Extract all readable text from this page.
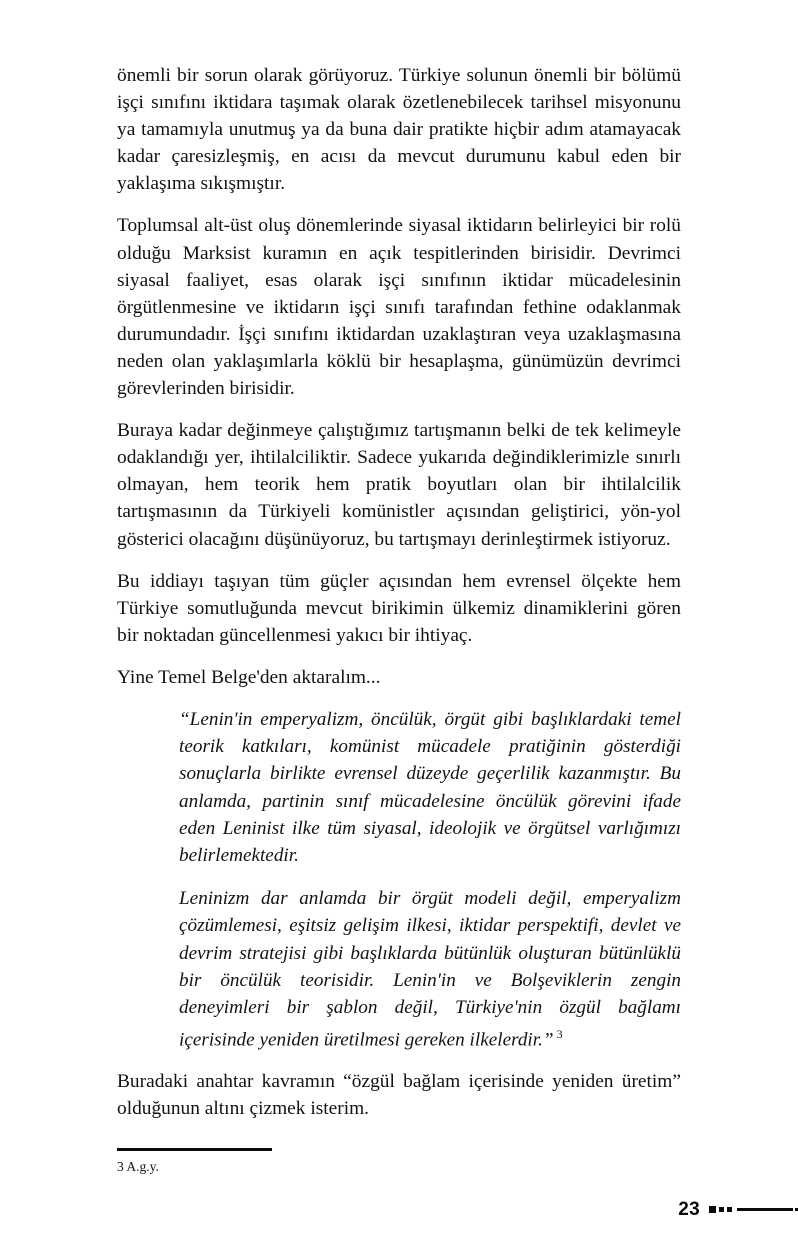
önemli bir sorun olarak görüyoruz. Türkiye solunun önemli bir bölümü işçi sınıfını iktidara taşımak olarak özetlenebilecek tarihsel misyonunu ya tamamıyla unutmuş ya da buna dair pratikte hiçbir adım atamayacak kadar çaresizleşmiş, en acısı da mevcut durumunu kabul eden bir yaklaşıma sıkışmıştır.

Toplumsal alt-üst oluş dönemlerinde siyasal iktidarın belirleyici bir rolü olduğu Marksist kuramın en açık tespitlerinden birisidir. Devrimci siyasal faaliyet, esas olarak işçi sınıfının iktidar mücadelesinin örgütlenmesine ve iktidarın işçi sınıfı tarafından fethine odaklanmak durumundadır. İşçi sınıfını iktidardan uzaklaştıran veya uzaklaşmasına neden olan yaklaşımlarla köklü bir hesaplaşma, günümüzün devrimci görevlerinden birisidir.

Buraya kadar değinmeye çalıştığımız tartışmanın belki de tek kelimeyle odaklandığı yer, ihtilalciliktir. Sadece yukarıda değindiklerimizle sınırlı olmayan, hem teorik hem pratik boyutları olan bir ihtilalcilik tartışmasının da Türkiyeli komünistler açısından geliştirici, yön-yol gösterici olacağını düşünüyoruz, bu tartışmayı derinleştirmek istiyoruz.

Bu iddiayı taşıyan tüm güçler açısından hem evrensel ölçekte hem Türkiye somutluğunda mevcut birikimin ülkemiz dinamiklerini gören bir noktadan güncellenmesi yakıcı bir ihtiyaç.

Yine Temel Belge'den aktaralım...

“Lenin'in emperyalizm, öncülük, örgüt gibi başlıklardaki temel teorik katkıları, komünist mücadele pratiğinin gösterdiği sonuçlarla birlikte evrensel düzeyde geçerlilik kazanmıştır. Bu anlamda, partinin sınıf mücadelesine öncülük görevini ifade eden Leninist ilke tüm siyasal, ideolojik ve örgütsel varlığımızı belirlemektedir.

Leninizm dar anlamda bir örgüt modeli değil, emperyalizm çözümlemesi, eşitsiz gelişim ilkesi, iktidar perspektifi, devlet ve devrim stratejisi gibi başlıklarda bütünlük oluşturan bütünlüklü bir öncülük teorisidir. Lenin'in ve Bolşeviklerin zengin deneyimleri bir şablon değil, Türkiye'nin özgül bağlamı içerisinde yeniden üretilmesi gereken ilkelerdir.” $^3$

Buradaki anahtar kavramın “özgül bağlam içerisinde yeniden üretim” olduğunun altını çizmek isterim.

3 A.g.y.

23
